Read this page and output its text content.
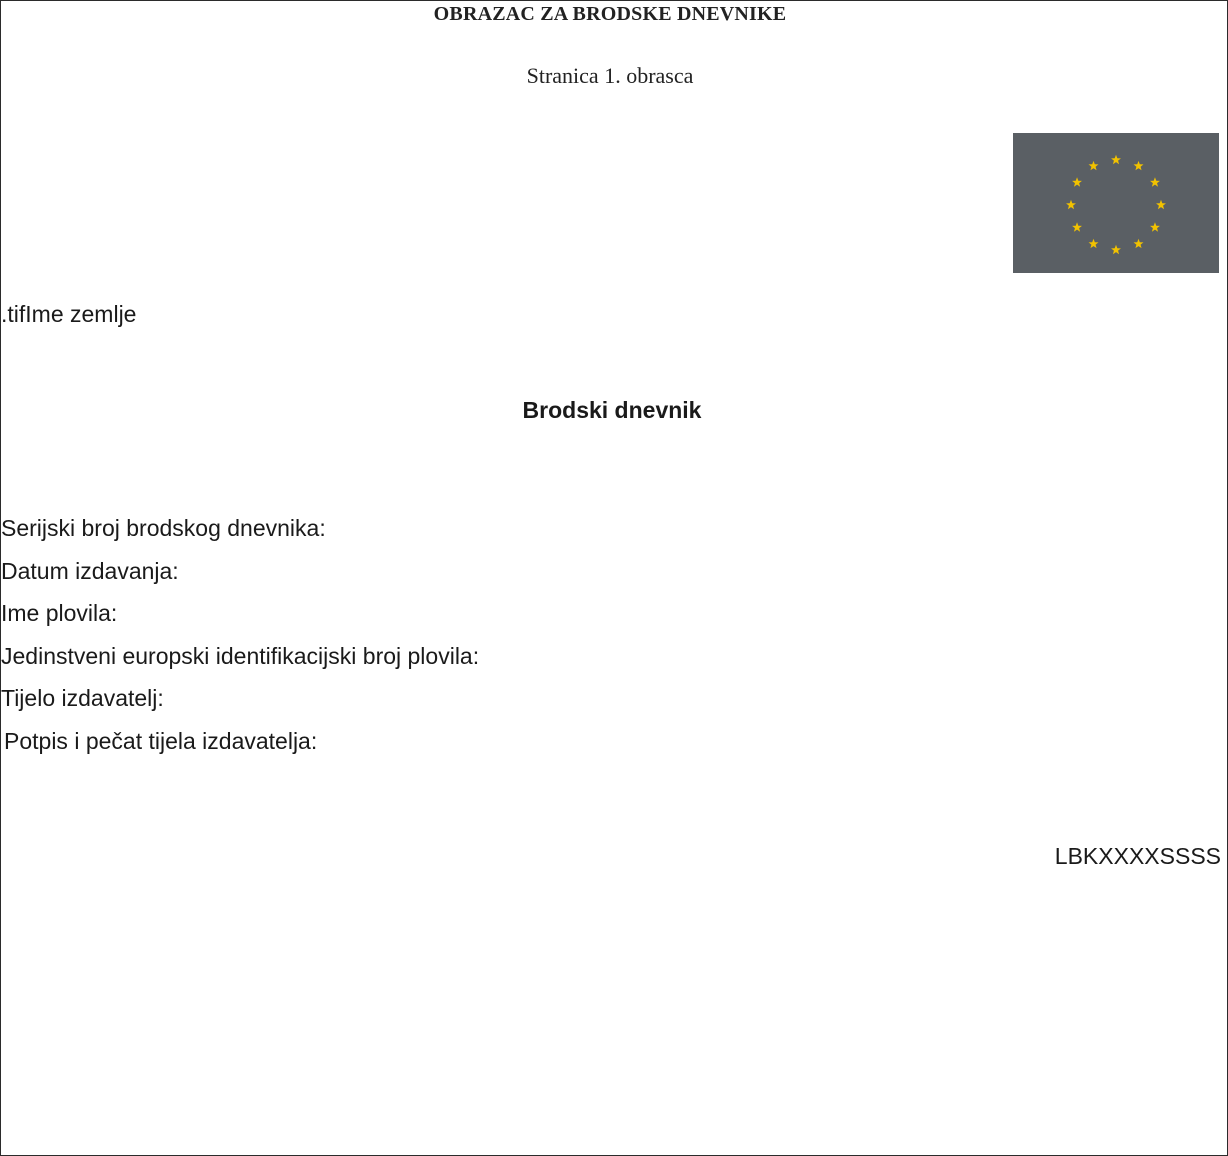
OBRAZAC ZA BRODSKE DNEVNIKE
Stranica 1. obrasca
.tifIme zemlje
Brodski dnevnik
Serijski broj brodskog dnevnika:
Datum izdavanja:
Ime plovila:
Jedinstveni europski identifikacijski broj plovila:
Tijelo izdavatelj:
Potpis i pečat tijela izdavatelja:
LBKXXXXSSSS
